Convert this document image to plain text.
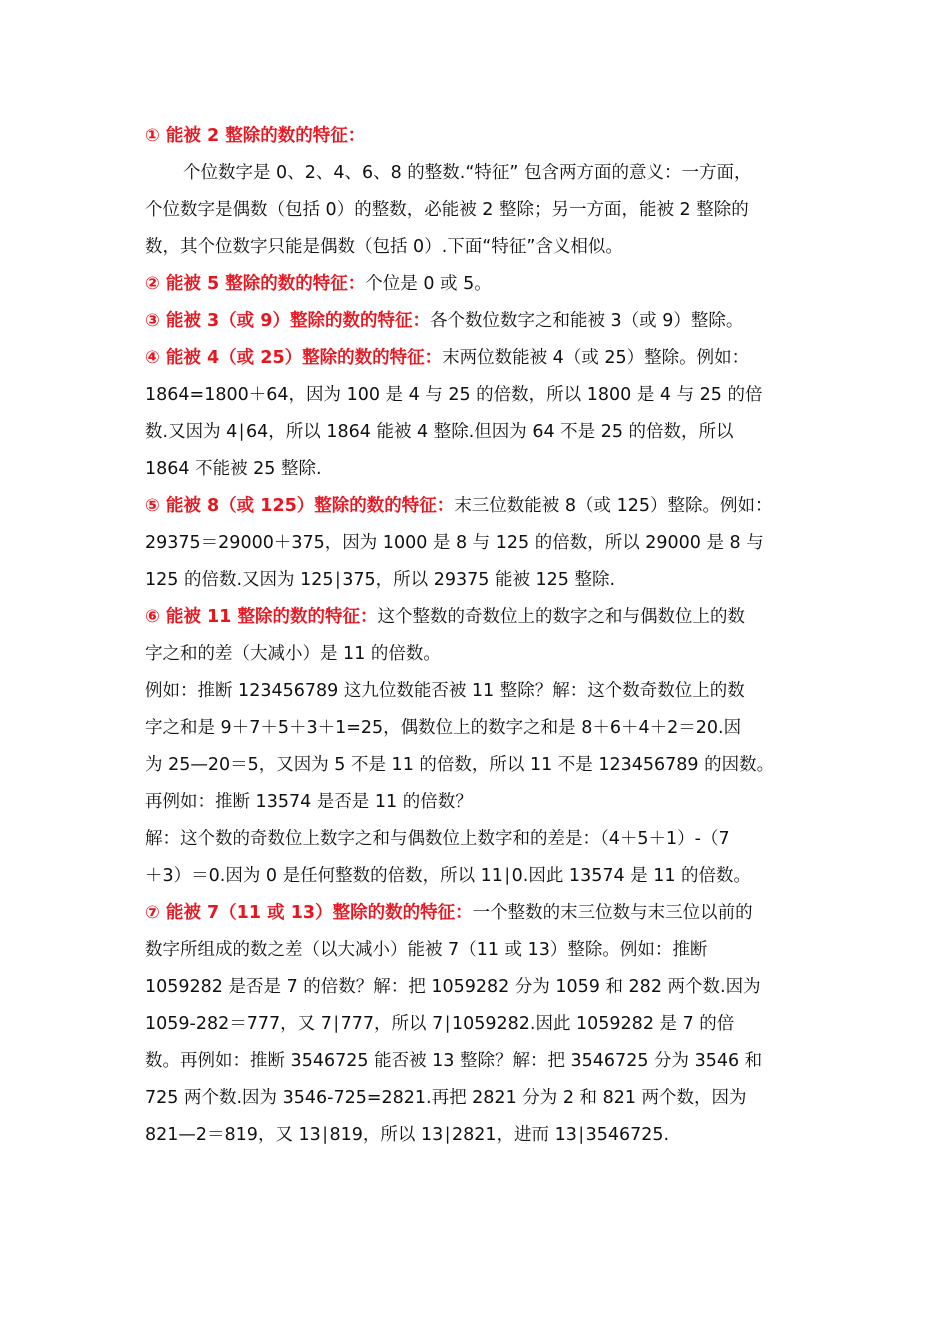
① 能被 2 整除的数的特征：
个位数字是 0、2、4、6、8 的整数.“特征” 包含两方面的意义：一方面，
个位数字是偶数（包括 0）的整数，必能被 2 整除；另一方面，能被 2 整除的
数，其个位数字只能是偶数（包括 0）.下面“特征”含义相似。
② 能被 5 整除的数的特征：个位是 0 或 5。
③ 能被 3（或 9）整除的数的特征：各个数位数字之和能被 3（或 9）整除。
④ 能被 4（或 25）整除的数的特征：末两位数能被 4（或 25）整除。例如：
1864=1800＋64，因为 100 是 4 与 25 的倍数，所以 1800 是 4 与 25 的倍
数.又因为 4∣64，所以 1864 能被 4 整除.但因为 64 不是 25 的倍数，所以
1864 不能被 25 整除.
⑤ 能被 8（或 125）整除的数的特征：末三位数能被 8（或 125）整除。例如：
29375＝29000＋375，因为 1000 是 8 与 125 的倍数，所以 29000 是 8 与
125 的倍数.又因为 125∣375，所以 29375 能被 125 整除.
⑥ 能被 11 整除的数的特征：这个整数的奇数位上的数字之和与偶数位上的数
字之和的差（大减小）是 11 的倍数。
例如：推断 123456789 这九位数能否被 11 整除？解：这个数奇数位上的数
字之和是 9＋7＋5＋3＋1=25，偶数位上的数字之和是 8＋6＋4＋2＝20.因
为 25—20＝5，又因为 5 不是 11 的倍数，所以 11 不是 123456789 的因数。
再例如：推断 13574 是否是 11 的倍数？
解：这个数的奇数位上数字之和与偶数位上数字和的差是：（4＋5＋1）-（7
＋3）＝0.因为 0 是任何整数的倍数，所以 11∣0.因此 13574 是 11 的倍数。
⑦ 能被 7（11 或 13）整除的数的特征：一个整数的末三位数与末三位以前的
数字所组成的数之差（以大减小）能被 7（11 或 13）整除。例如：推断
1059282 是否是 7 的倍数？解：把 1059282 分为 1059 和 282 两个数.因为
1059-282＝777，又 7∣777，所以 7∣1059282.因此 1059282 是 7 的倍
数。再例如：推断 3546725 能否被 13 整除？解：把 3546725 分为 3546 和
725 两个数.因为 3546-725=2821.再把 2821 分为 2 和 821 两个数，因为
821—2＝819，又 13∣819，所以 13∣2821，进而 13∣3546725.
